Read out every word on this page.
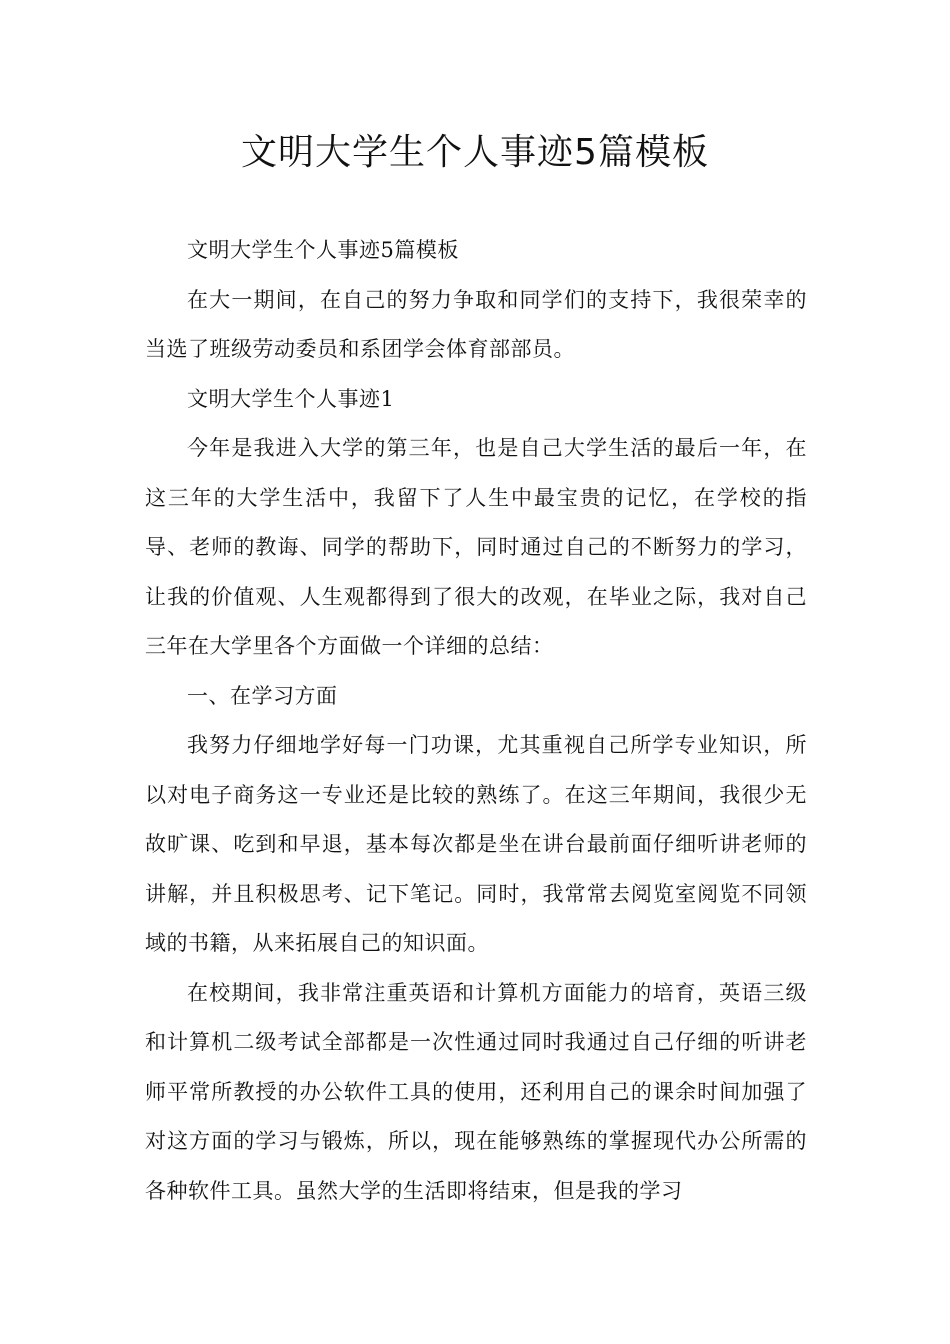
文明大学生个人事迹5篇模板

文明大学生个人事迹5篇模板

在大一期间，在自己的努力争取和同学们的支持下，我很荣幸的当选了班级劳动委员和系团学会体育部部员。

文明大学生个人事迹1

今年是我进入大学的第三年，也是自己大学生活的最后一年，在这三年的大学生活中，我留下了人生中最宝贵的记忆，在学校的指导、老师的教诲、同学的帮助下，同时通过自己的不断努力的学习，让我的价值观、人生观都得到了很大的改观，在毕业之际，我对自己三年在大学里各个方面做一个详细的总结：

一、在学习方面

我努力仔细地学好每一门功课，尤其重视自己所学专业知识，所以对电子商务这一专业还是比较的熟练了。在这三年期间，我很少无故旷课、吃到和早退，基本每次都是坐在讲台最前面仔细听讲老师的讲解，并且积极思考、记下笔记。同时，我常常去阅览室阅览不同领域的书籍，从来拓展自己的知识面。

在校期间，我非常注重英语和计算机方面能力的培育，英语三级和计算机二级考试全部都是一次性通过同时我通过自己仔细的听讲老师平常所教授的办公软件工具的使用，还利用自己的课余时间加强了对这方面的学习与锻炼，所以，现在能够熟练的掌握现代办公所需的各种软件工具。虽然大学的生活即将结束，但是我的学习
